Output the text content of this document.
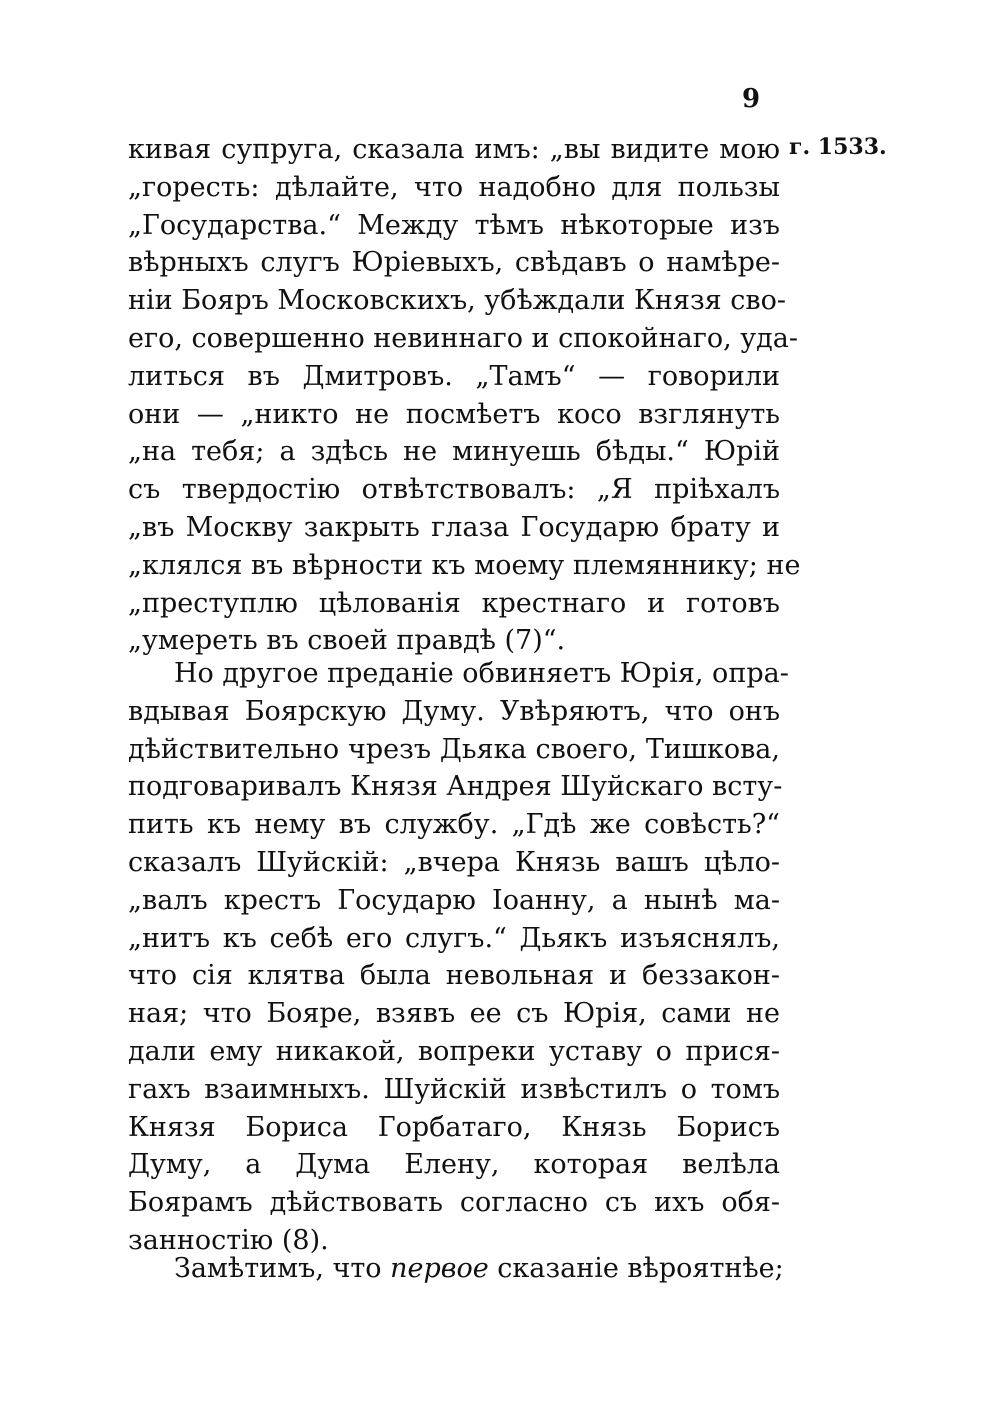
9
г. 1533.
кивая супруга, сказала имъ: „вы видите мою
„горесть: дѣлайте, что надобно для пользы
„Государства.“ Между тѣмъ нѣкоторые изъ
вѣрныхъ слугъ Юріевыхъ, свѣдавъ о намѣре-
ніи Бояръ Московскихъ, убѣждали Князя сво-
его, совершенно невиннаго и спокойнаго, уда-
литься въ Дмитровъ. „Тамъ“ — говорили
они — „никто не посмѣетъ косо взглянуть
„на тебя; а здѣсь не минуешь бѣды.“ Юрій
съ твердостію отвѣтствовалъ: „Я пріѣхалъ
„въ Москву закрыть глаза Государю брату и
„клялся въ вѣрности къ моему племяннику; не
„преступлю цѣлованія крестнаго и готовъ
„умереть въ своей правдѣ (7)“.
Но другое преданіе обвиняетъ Юрія, опра-
вдывая Боярскую Думу. Увѣряютъ, что онъ
дѣйствительно чрезъ Дьяка своего, Тишкова,
подговаривалъ Князя Андрея Шуйскаго всту-
пить къ нему въ службу. „Гдѣ же совѣсть?“
сказалъ Шуйскій: „вчера Князь вашъ цѣло-
„валъ крестъ Государю Іоанну, а нынѣ ма-
„нитъ къ себѣ его слугъ.“ Дьякъ изъяснялъ,
что сія клятва была невольная и беззакон-
ная; что Бояре, взявъ ее съ Юрія, сами не
дали ему никакой, вопреки уставу о прися-
гахъ взаимныхъ. Шуйскій извѣстилъ о томъ
Князя Бориса Горбатаго, Князь Борисъ
Думу, а Дума Елену, которая велѣла
Боярамъ дѣйствовать согласно съ ихъ обя-
занностію (8).
Замѣтимъ, что первое сказаніе вѣроятнѣе;
